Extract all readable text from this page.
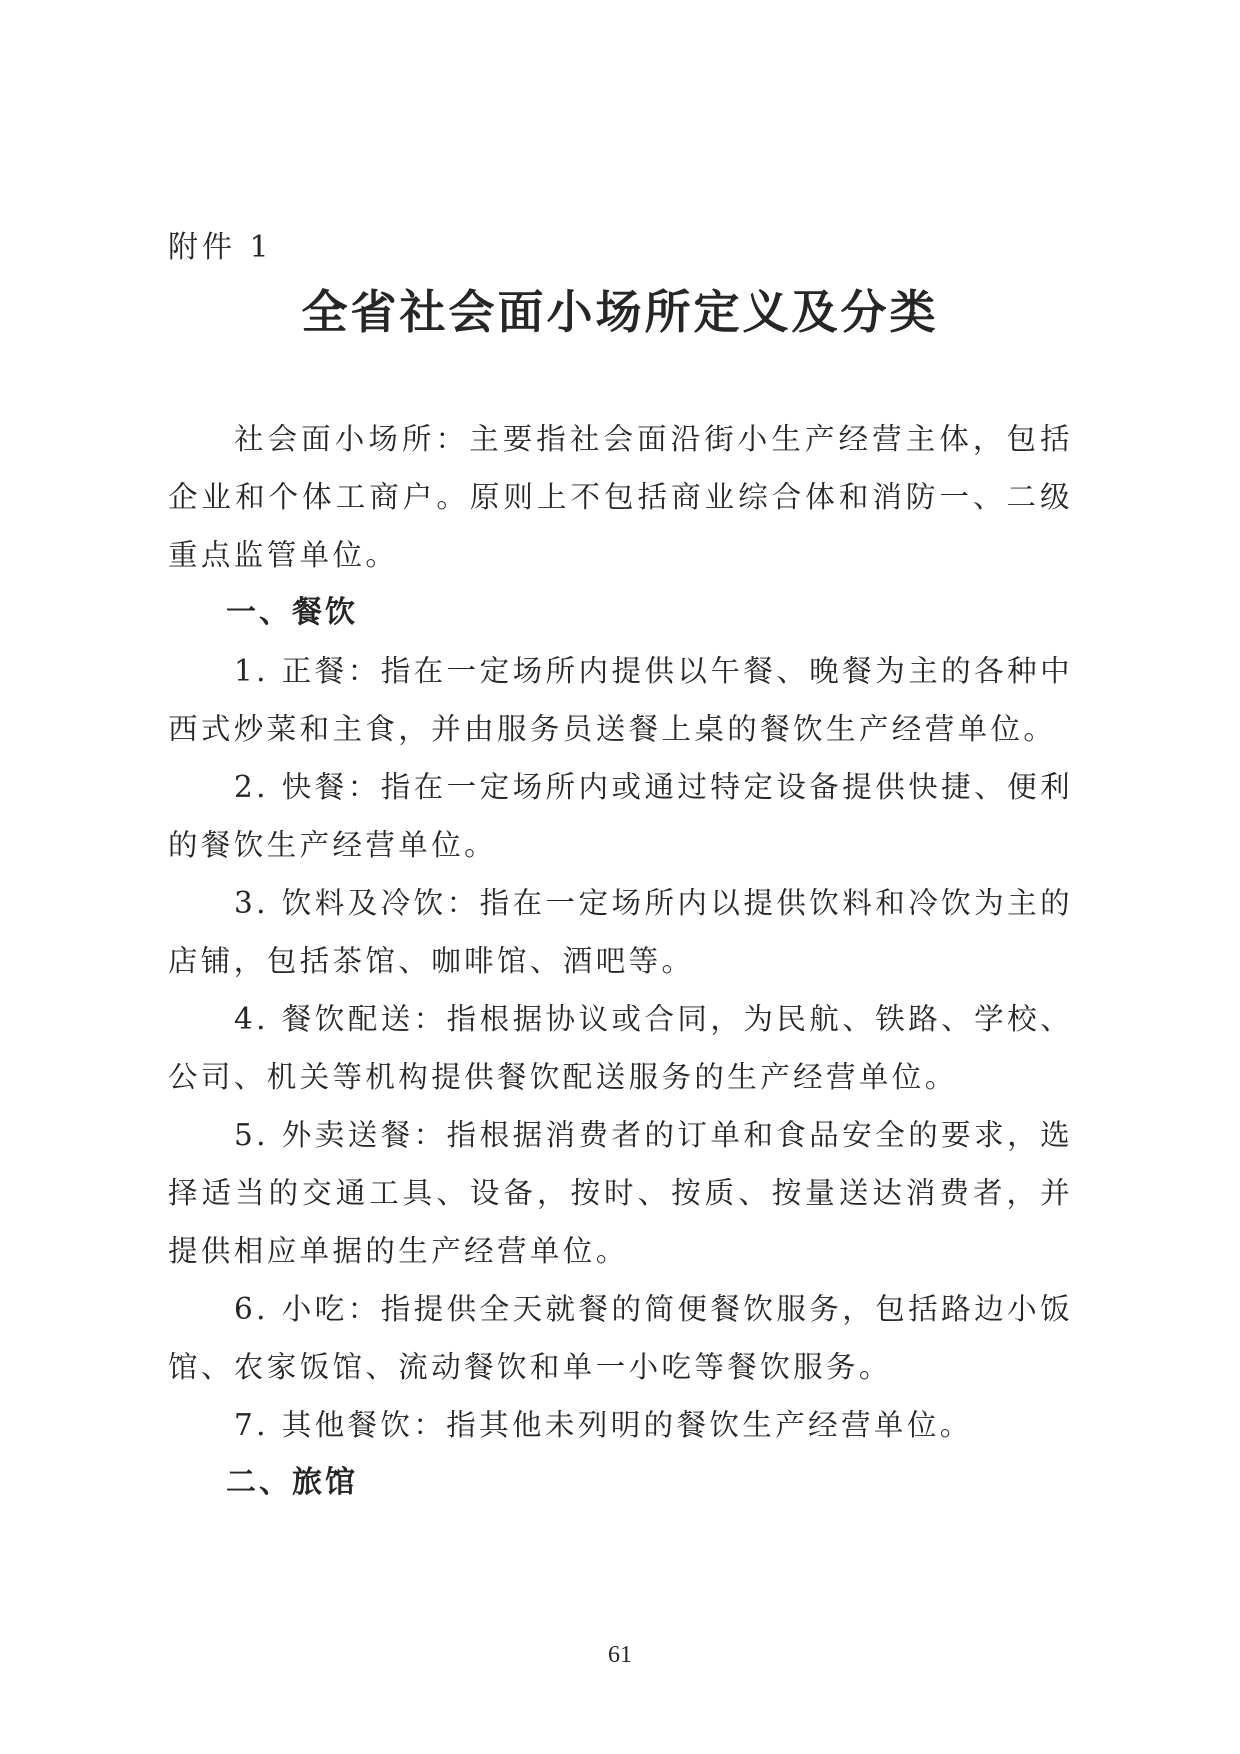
附件 1
全省社会面小场所定义及分类

社会面小场所：主要指社会面沿街小生产经营主体，包括企业和个体工商户。原则上不包括商业综合体和消防一、二级重点监管单位。

一、餐饮

1. 正餐：指在一定场所内提供以午餐、晚餐为主的各种中西式炒菜和主食，并由服务员送餐上桌的餐饮生产经营单位。

2. 快餐：指在一定场所内或通过特定设备提供快捷、便利的餐饮生产经营单位。

3. 饮料及冷饮：指在一定场所内以提供饮料和冷饮为主的店铺，包括茶馆、咖啡馆、酒吧等。

4. 餐饮配送：指根据协议或合同，为民航、铁路、学校、公司、机关等机构提供餐饮配送服务的生产经营单位。

5. 外卖送餐：指根据消费者的订单和食品安全的要求，选择适当的交通工具、设备，按时、按质、按量送达消费者，并提供相应单据的生产经营单位。

6. 小吃：指提供全天就餐的简便餐饮服务，包括路边小饭馆、农家饭馆、流动餐饮和单一小吃等餐饮服务。

7. 其他餐饮：指其他未列明的餐饮生产经营单位。

二、旅馆

61
